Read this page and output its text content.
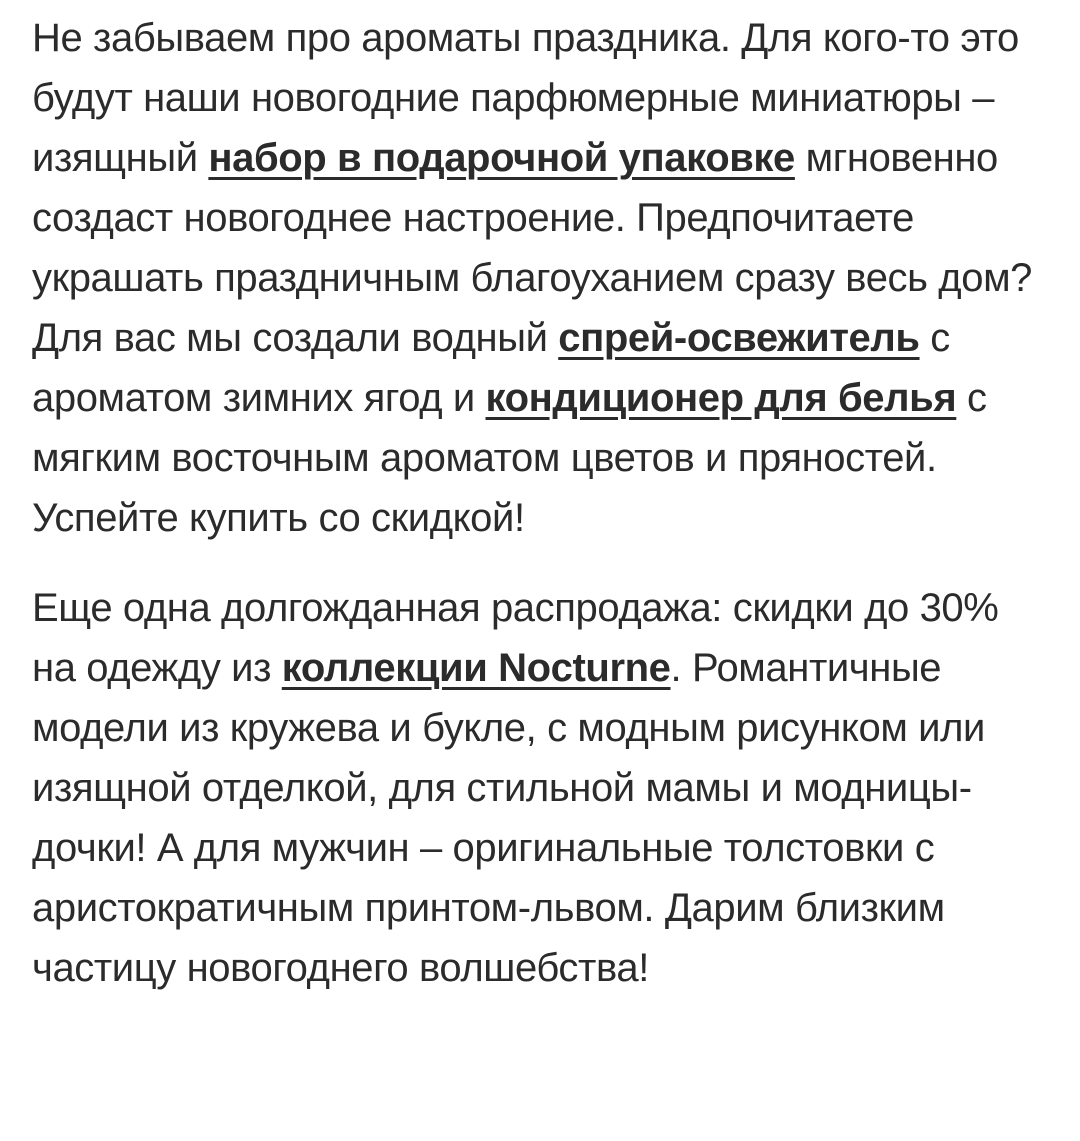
Не забываем про ароматы праздника. Для кого-то это будут наши новогодние парфюмерные миниатюры – изящный набор в подарочной упаковке мгновенно создаст новогоднее настроение. Предпочитаете украшать праздничным благоуханием сразу весь дом? Для вас мы создали водный спрей-освежитель с ароматом зимних ягод и кондиционер для белья с мягким восточным ароматом цветов и пряностей. Успейте купить со скидкой!

Еще одна долгожданная распродажа: скидки до 30% на одежду из коллекции Nocturne. Романтичные модели из кружева и букле, с модным рисунком или изящной отделкой, для стильной мамы и модницы-дочки! А для мужчин – оригинальные толстовки с аристократичным принтом-львом. Дарим близким частицу новогоднего волшебства!
